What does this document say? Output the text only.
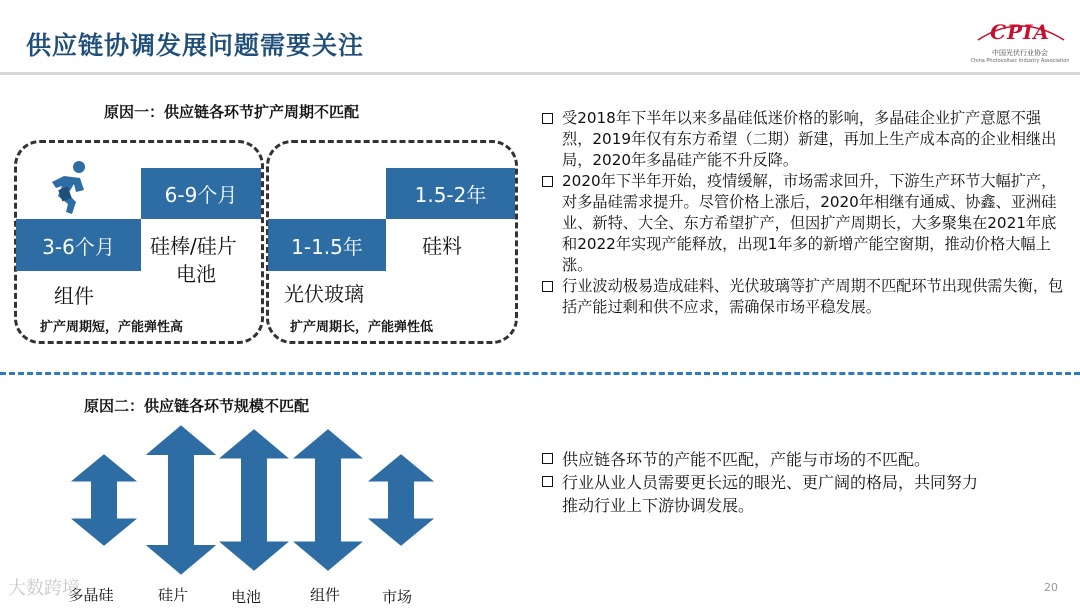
供应链协调发展问题需要关注	CPIA
中国光伏行业协会
China Photovoltaic Industry Association
原因一：供应链各环节扩产周期不匹配
3-6个月
6-9个月
组件
硅棒/硅片
电池
扩产周期短，产能弹性高
1-1.5年
1.5-2年
光伏玻璃
硅料
扩产周期长，产能弹性低
受2018年下半年以来多晶硅低迷价格的影响，多晶硅企业扩产意愿不强烈，2019年仅有东方希望（二期）新建，再加上生产成本高的企业相继出局，2020年多晶硅产能不升反降。
2020年下半年开始，疫情缓解，市场需求回升，下游生产环节大幅扩产，对多晶硅需求提升。尽管价格上涨后，2020年相继有通威、协鑫、亚洲硅业、新特、大全、东方希望扩产，但因扩产周期长，大多聚集在2021年底和2022年实现产能释放，出现1年多的新增产能空窗期，推动价格大幅上涨。
行业波动极易造成硅料、光伏玻璃等扩产周期不匹配环节出现供需失衡，包括产能过剩和供不应求，需确保市场平稳发展。
原因二：供应链各环节规模不匹配
多晶硅	硅片	电池	组件	市场
供应链各环节的产能不匹配，产能与市场的不匹配。
行业从业人员需要更长远的眼光、更广阔的格局，共同努力推动行业上下游协调发展。
大数跨境	20
